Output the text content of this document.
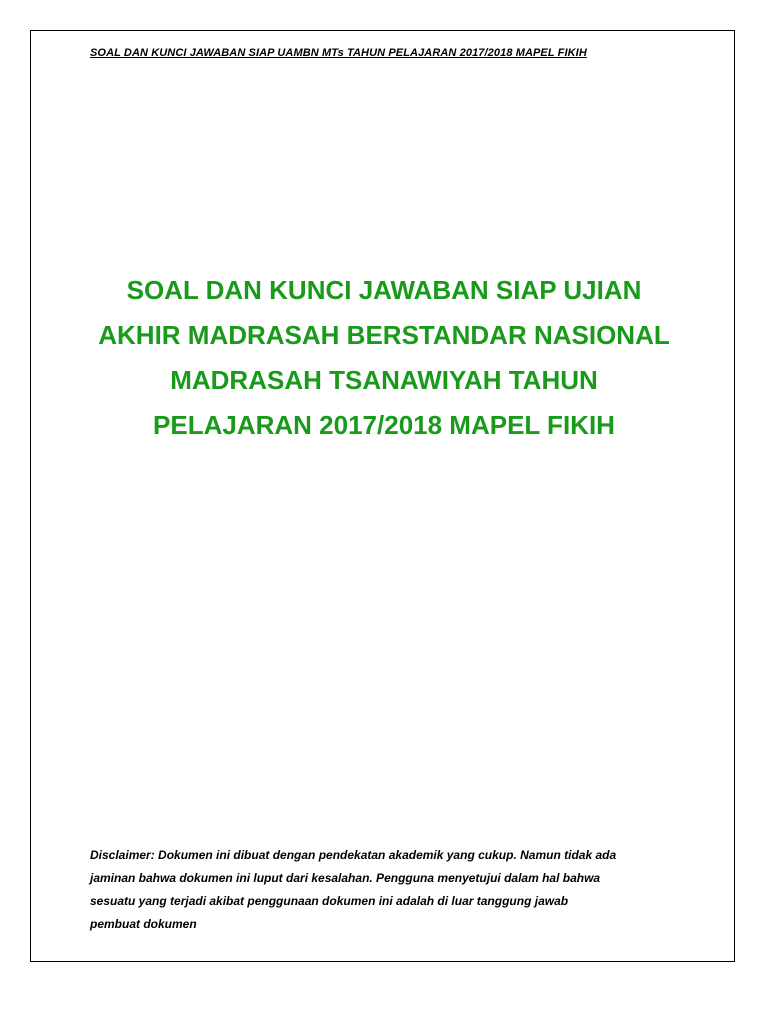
SOAL DAN KUNCI JAWABAN SIAP UAMBN MTs TAHUN PELAJARAN 2017/2018 MAPEL FIKIH
SOAL DAN KUNCI JAWABAN SIAP UJIAN
AKHIR MADRASAH BERSTANDAR NASIONAL
MADRASAH TSANAWIYAH TAHUN
PELAJARAN 2017/2018 MAPEL FIKIH
Disclaimer: Dokumen ini dibuat dengan pendekatan akademik yang cukup. Namun tidak ada
jaminan bahwa dokumen ini luput dari kesalahan. Pengguna menyetujui dalam hal bahwa
sesuatu yang terjadi akibat penggunaan dokumen ini adalah di luar tanggung jawab
pembuat dokumen
